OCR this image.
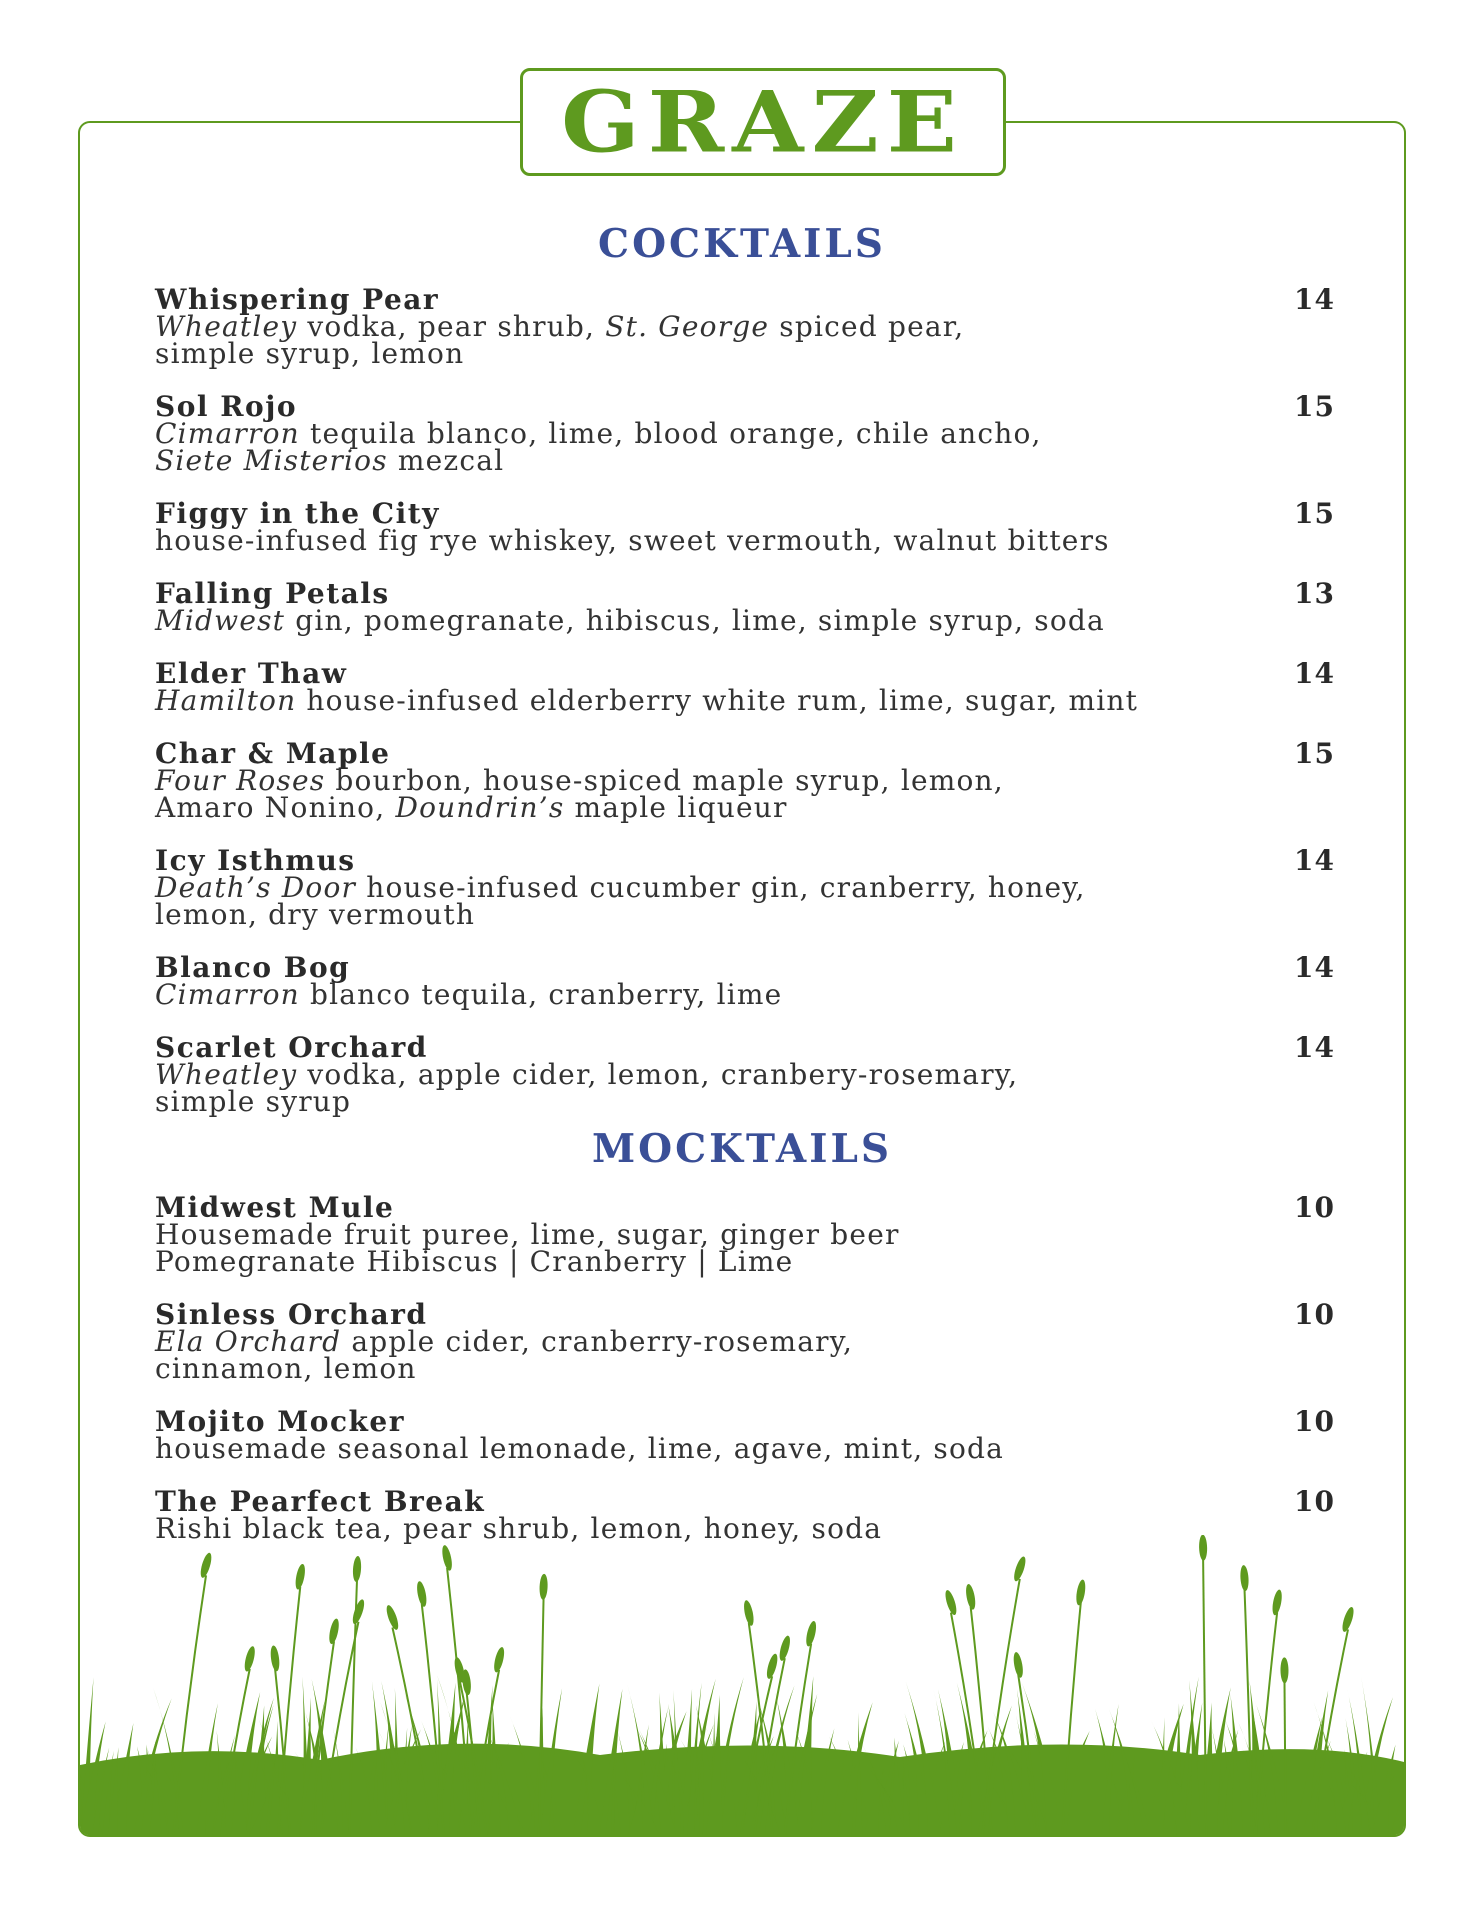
GRAZE
COCKTAILS
Whispering Pear	14
Wheatley vodka, pear shrub, St. George spiced pear,
simple syrup, lemon
Sol Rojo	15
Cimarron tequila blanco, lime, blood orange, chile ancho,
Siete Misterios mezcal
Figgy in the City	15
house-infused fig rye whiskey, sweet vermouth, walnut bitters
Falling Petals	13
Midwest gin, pomegranate, hibiscus, lime, simple syrup, soda
Elder Thaw	14
Hamilton house-infused elderberry white rum, lime, sugar, mint
Char & Maple	15
Four Roses bourbon, house-spiced maple syrup, lemon,
Amaro Nonino, Doundrin’s maple liqueur
Icy Isthmus	14
Death’s Door house-infused cucumber gin, cranberry, honey,
lemon, dry vermouth
Blanco Bog	14
Cimarron blanco tequila, cranberry, lime
Scarlet Orchard	14
Wheatley vodka, apple cider, lemon, cranbery-rosemary,
simple syrup
MOCKTAILS
Midwest Mule	10
Housemade fruit puree, lime, sugar, ginger beer
Pomegranate Hibiscus | Cranberry | Lime
Sinless Orchard	10
Ela Orchard apple cider, cranberry-rosemary,
cinnamon, lemon
Mojito Mocker	10
housemade seasonal lemonade, lime, agave, mint, soda
The Pearfect Break	10
Rishi black tea, pear shrub, lemon, honey, soda
